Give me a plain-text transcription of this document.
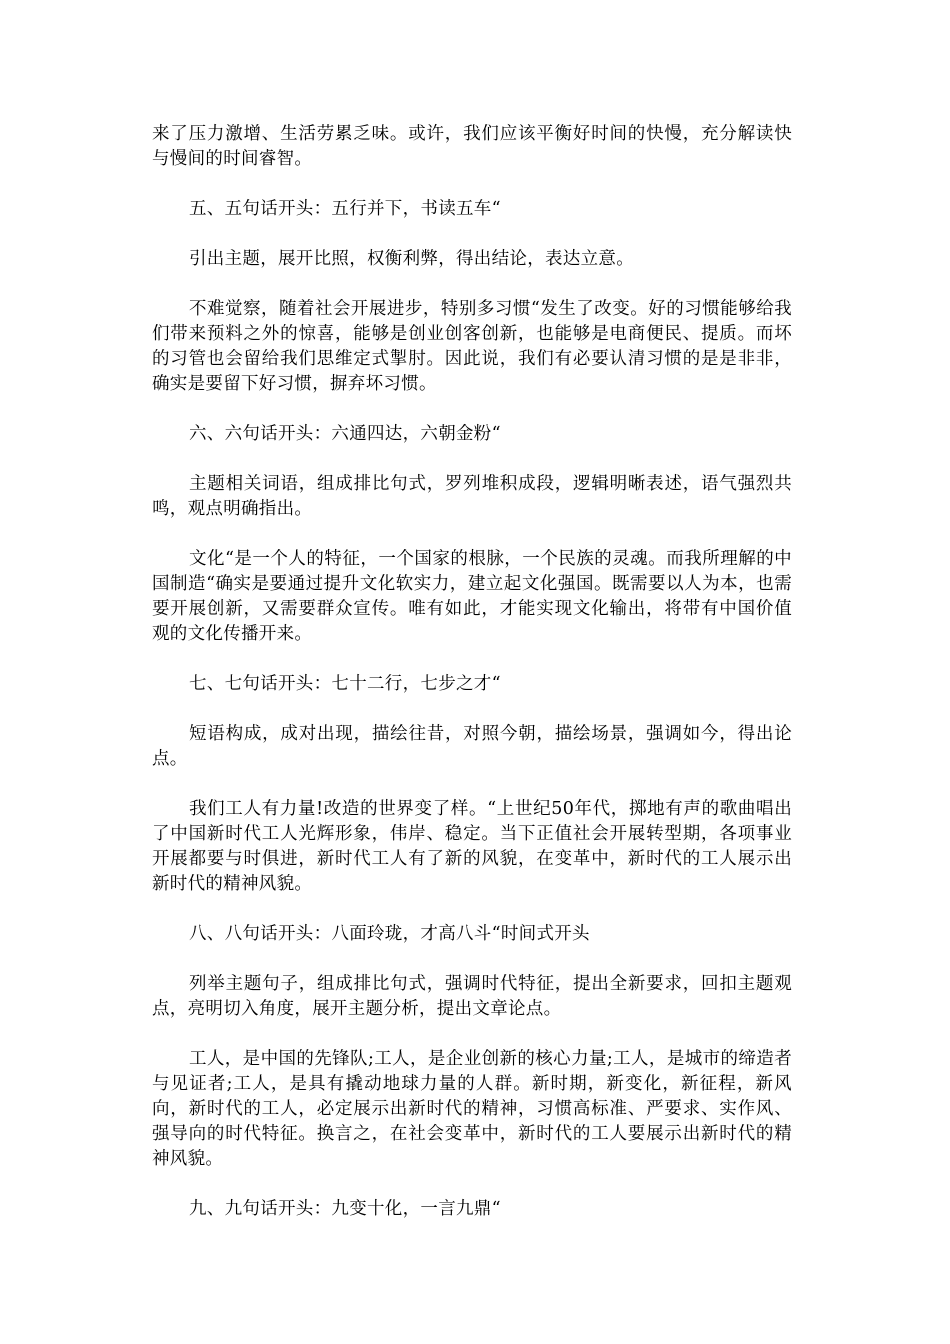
来了压力激增、生活劳累乏味。或许，我们应该平衡好时间的快慢，充分解读快与慢间的时间睿智。

五、五句话开头：五行并下，书读五车“

引出主题，展开比照，权衡利弊，得出结论，表达立意。

不难觉察，随着社会开展进步，特别多习惯“发生了改变。好的习惯能够给我们带来预料之外的惊喜，能够是创业创客创新，也能够是电商便民、提质。而坏的习管也会留给我们思维定式掣肘。因此说，我们有必要认清习惯的是是非非，确实是要留下好习惯，摒弃坏习惯。

六、六句话开头：六通四达，六朝金粉“

主题相关词语，组成排比句式，罗列堆积成段，逻辑明晰表述，语气强烈共鸣，观点明确指出。

文化“是一个人的特征，一个国家的根脉，一个民族的灵魂。而我所理解的中国制造“确实是要通过提升文化软实力，建立起文化强国。既需要以人为本，也需要开展创新，又需要群众宣传。唯有如此，才能实现文化输出，将带有中国价值观的文化传播开来。

七、七句话开头：七十二行，七步之才“

短语构成，成对出现，描绘往昔，对照今朝，描绘场景，强调如今，得出论点。

我们工人有力量!改造的世界变了样。“上世纪50年代，掷地有声的歌曲唱出了中国新时代工人光辉形象，伟岸、稳定。当下正值社会开展转型期，各项事业开展都要与时俱进，新时代工人有了新的风貌，在变革中，新时代的工人展示出新时代的精神风貌。

八、八句话开头：八面玲珑，才高八斗“时间式开头

列举主题句子，组成排比句式，强调时代特征，提出全新要求，回扣主题观点，亮明切入角度，展开主题分析，提出文章论点。

工人，是中国的先锋队;工人，是企业创新的核心力量;工人，是城市的缔造者与见证者;工人，是具有撬动地球力量的人群。新时期，新变化，新征程，新风向，新时代的工人，必定展示出新时代的精神，习惯高标准、严要求、实作风、强导向的时代特征。换言之，在社会变革中，新时代的工人要展示出新时代的精神风貌。

九、九句话开头：九变十化，一言九鼎“
